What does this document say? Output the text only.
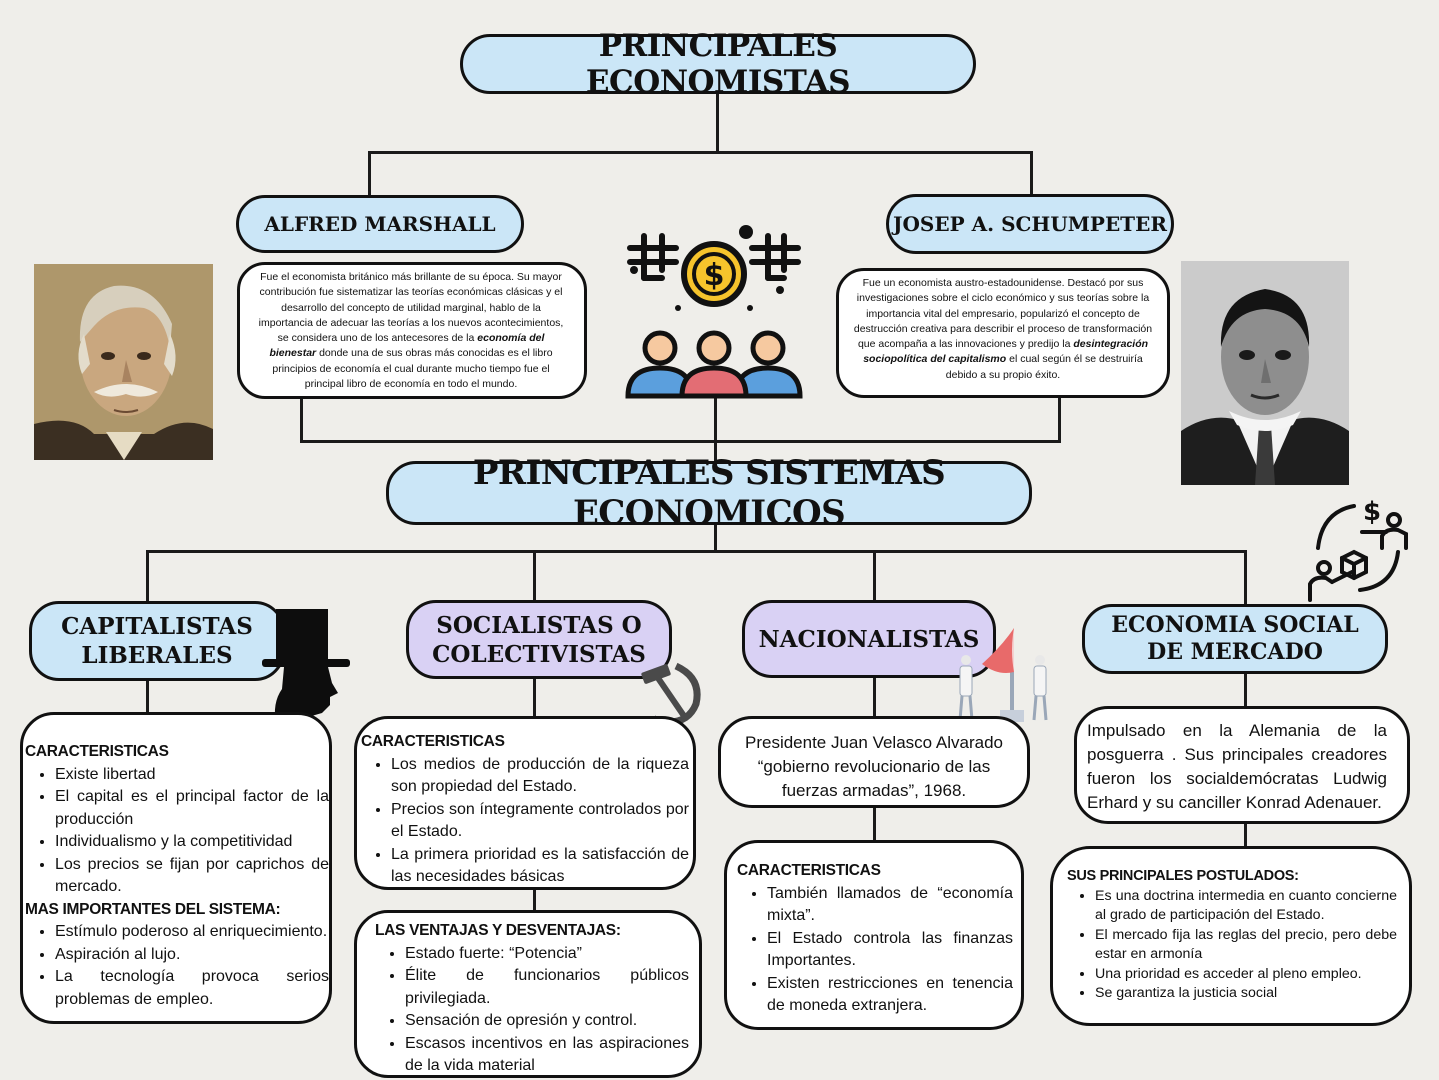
PRINCIPALES ECONOMISTAS
ALFRED MARSHALL
Fue el economista británico más brillante de su época. Su mayor contribución fue sistematizar las teorías económicas clásicas y el desarrollo del concepto de utilidad marginal, hablo de la importancia de adecuar las teorías a los nuevos acontecimientos, se considera uno de los antecesores de la economía del bienestar donde una de sus obras más conocidas es el libro principios de economía el cual durante mucho tiempo fue el principal libro de economía en todo el mundo.
JOSEP A. SCHUMPETER
Fue un economista austro-estadounidense. Destacó por sus investigaciones sobre el ciclo económico y sus teorías sobre la importancia vital del empresario, popularizó el concepto de destrucción creativa para describir el proceso de transformación que acompaña a las innovaciones y predijo la desintegración sociopolítica del capitalismo el cual según él se destruiría debido a su propio éxito.
$
PRINCIPALES SISTEMAS ECONOMICOS	$
CAPITALISTAS LIBERALES
CARACTERISTICAS
• Existe libertad
• El capital es el principal factor de la producción
• Individualismo y la competitividad
• Los precios se fijan por caprichos de mercado.
MAS IMPORTANTES DEL SISTEMA:
• Estímulo poderoso al enriquecimiento.
• Aspiración al lujo.
• La tecnología provoca serios problemas de empleo.
SOCIALISTAS O COLECTIVISTAS
CARACTERISTICAS
• Los medios de producción de la riqueza son propiedad del Estado.
• Precios son íntegramente controlados por el Estado.
• La primera prioridad es la satisfacción de las necesidades básicas
LAS VENTAJAS Y DESVENTAJAS:
• Estado fuerte: “Potencia”
• Élite de funcionarios públicos privilegiada.
• Sensación de opresión y control.
• Escasos incentivos en las aspiraciones de la vida material
NACIONALISTAS
Presidente Juan Velasco Alvarado “gobierno revolucionario de las fuerzas armadas”, 1968.
CARACTERISTICAS
• También llamados de “economía mixta”.
• El Estado controla las finanzas Importantes.
• Existen restricciones en tenencia de moneda extranjera.
ECONOMIA SOCIAL DE MERCADO
Impulsado en la Alemania de la posguerra . Sus principales creadores fueron los socialdemócratas Ludwig Erhard y su canciller Konrad Adenauer.
SUS PRINCIPALES POSTULADOS:
• Es una doctrina intermedia en cuanto concierne al grado de participación del Estado.
• El mercado fija las reglas del precio, pero debe estar en armonía
• Una prioridad es acceder al pleno empleo.
• Se garantiza la justicia social
